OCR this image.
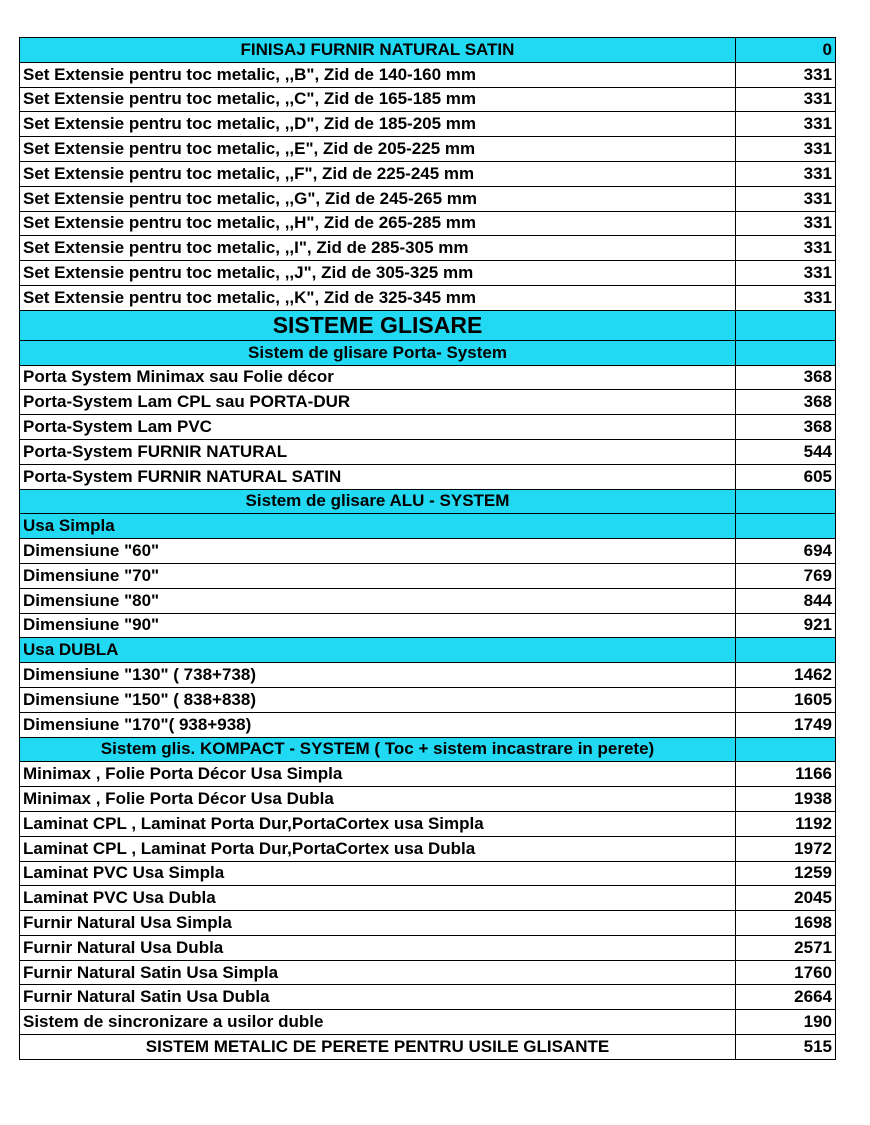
FINISAJ FURNIR NATURAL SATIN	0
Set Extensie pentru toc metalic, ,,B", Zid de 140-160 mm	331
Set Extensie pentru toc metalic, ,,C", Zid de 165-185 mm	331
Set Extensie pentru toc metalic, ,,D", Zid de 185-205 mm	331
Set Extensie pentru toc metalic, ,,E", Zid de 205-225 mm	331
Set Extensie pentru toc metalic, ,,F", Zid de 225-245 mm	331
Set Extensie pentru toc metalic, ,,G", Zid de 245-265 mm	331
Set Extensie pentru toc metalic, ,,H", Zid de 265-285 mm	331
Set Extensie pentru toc metalic, ,,I", Zid de 285-305 mm	331
Set Extensie pentru toc metalic, ,,J", Zid de 305-325 mm	331
Set Extensie pentru toc metalic, ,,K", Zid de 325-345 mm	331
SISTEME GLISARE	
Sistem de glisare Porta- System	
Porta System Minimax sau Folie décor	368
Porta-System Lam CPL sau PORTA-DUR	368
Porta-System Lam PVC	368
Porta-System FURNIR NATURAL	544
Porta-System FURNIR NATURAL SATIN	605
Sistem de glisare ALU - SYSTEM	
Usa Simpla	
Dimensiune "60"	694
Dimensiune "70"	769
Dimensiune "80"	844
Dimensiune "90"	921
Usa DUBLA	
Dimensiune "130" ( 738+738)	1462
Dimensiune "150" ( 838+838)	1605
Dimensiune "170"( 938+938)	1749
Sistem glis. KOMPACT - SYSTEM ( Toc + sistem incastrare in perete)	
Minimax , Folie Porta Décor Usa Simpla	1166
Minimax , Folie Porta Décor Usa Dubla	1938
Laminat CPL , Laminat Porta Dur,PortaCortex usa Simpla	1192
Laminat CPL , Laminat Porta Dur,PortaCortex usa Dubla	1972
Laminat PVC Usa Simpla	1259
Laminat PVC Usa Dubla	2045
Furnir Natural Usa Simpla	1698
Furnir Natural Usa Dubla	2571
Furnir Natural Satin Usa Simpla	1760
Furnir Natural Satin Usa Dubla	2664
Sistem de sincronizare a usilor duble	190
SISTEM METALIC DE PERETE PENTRU USILE GLISANTE	515
